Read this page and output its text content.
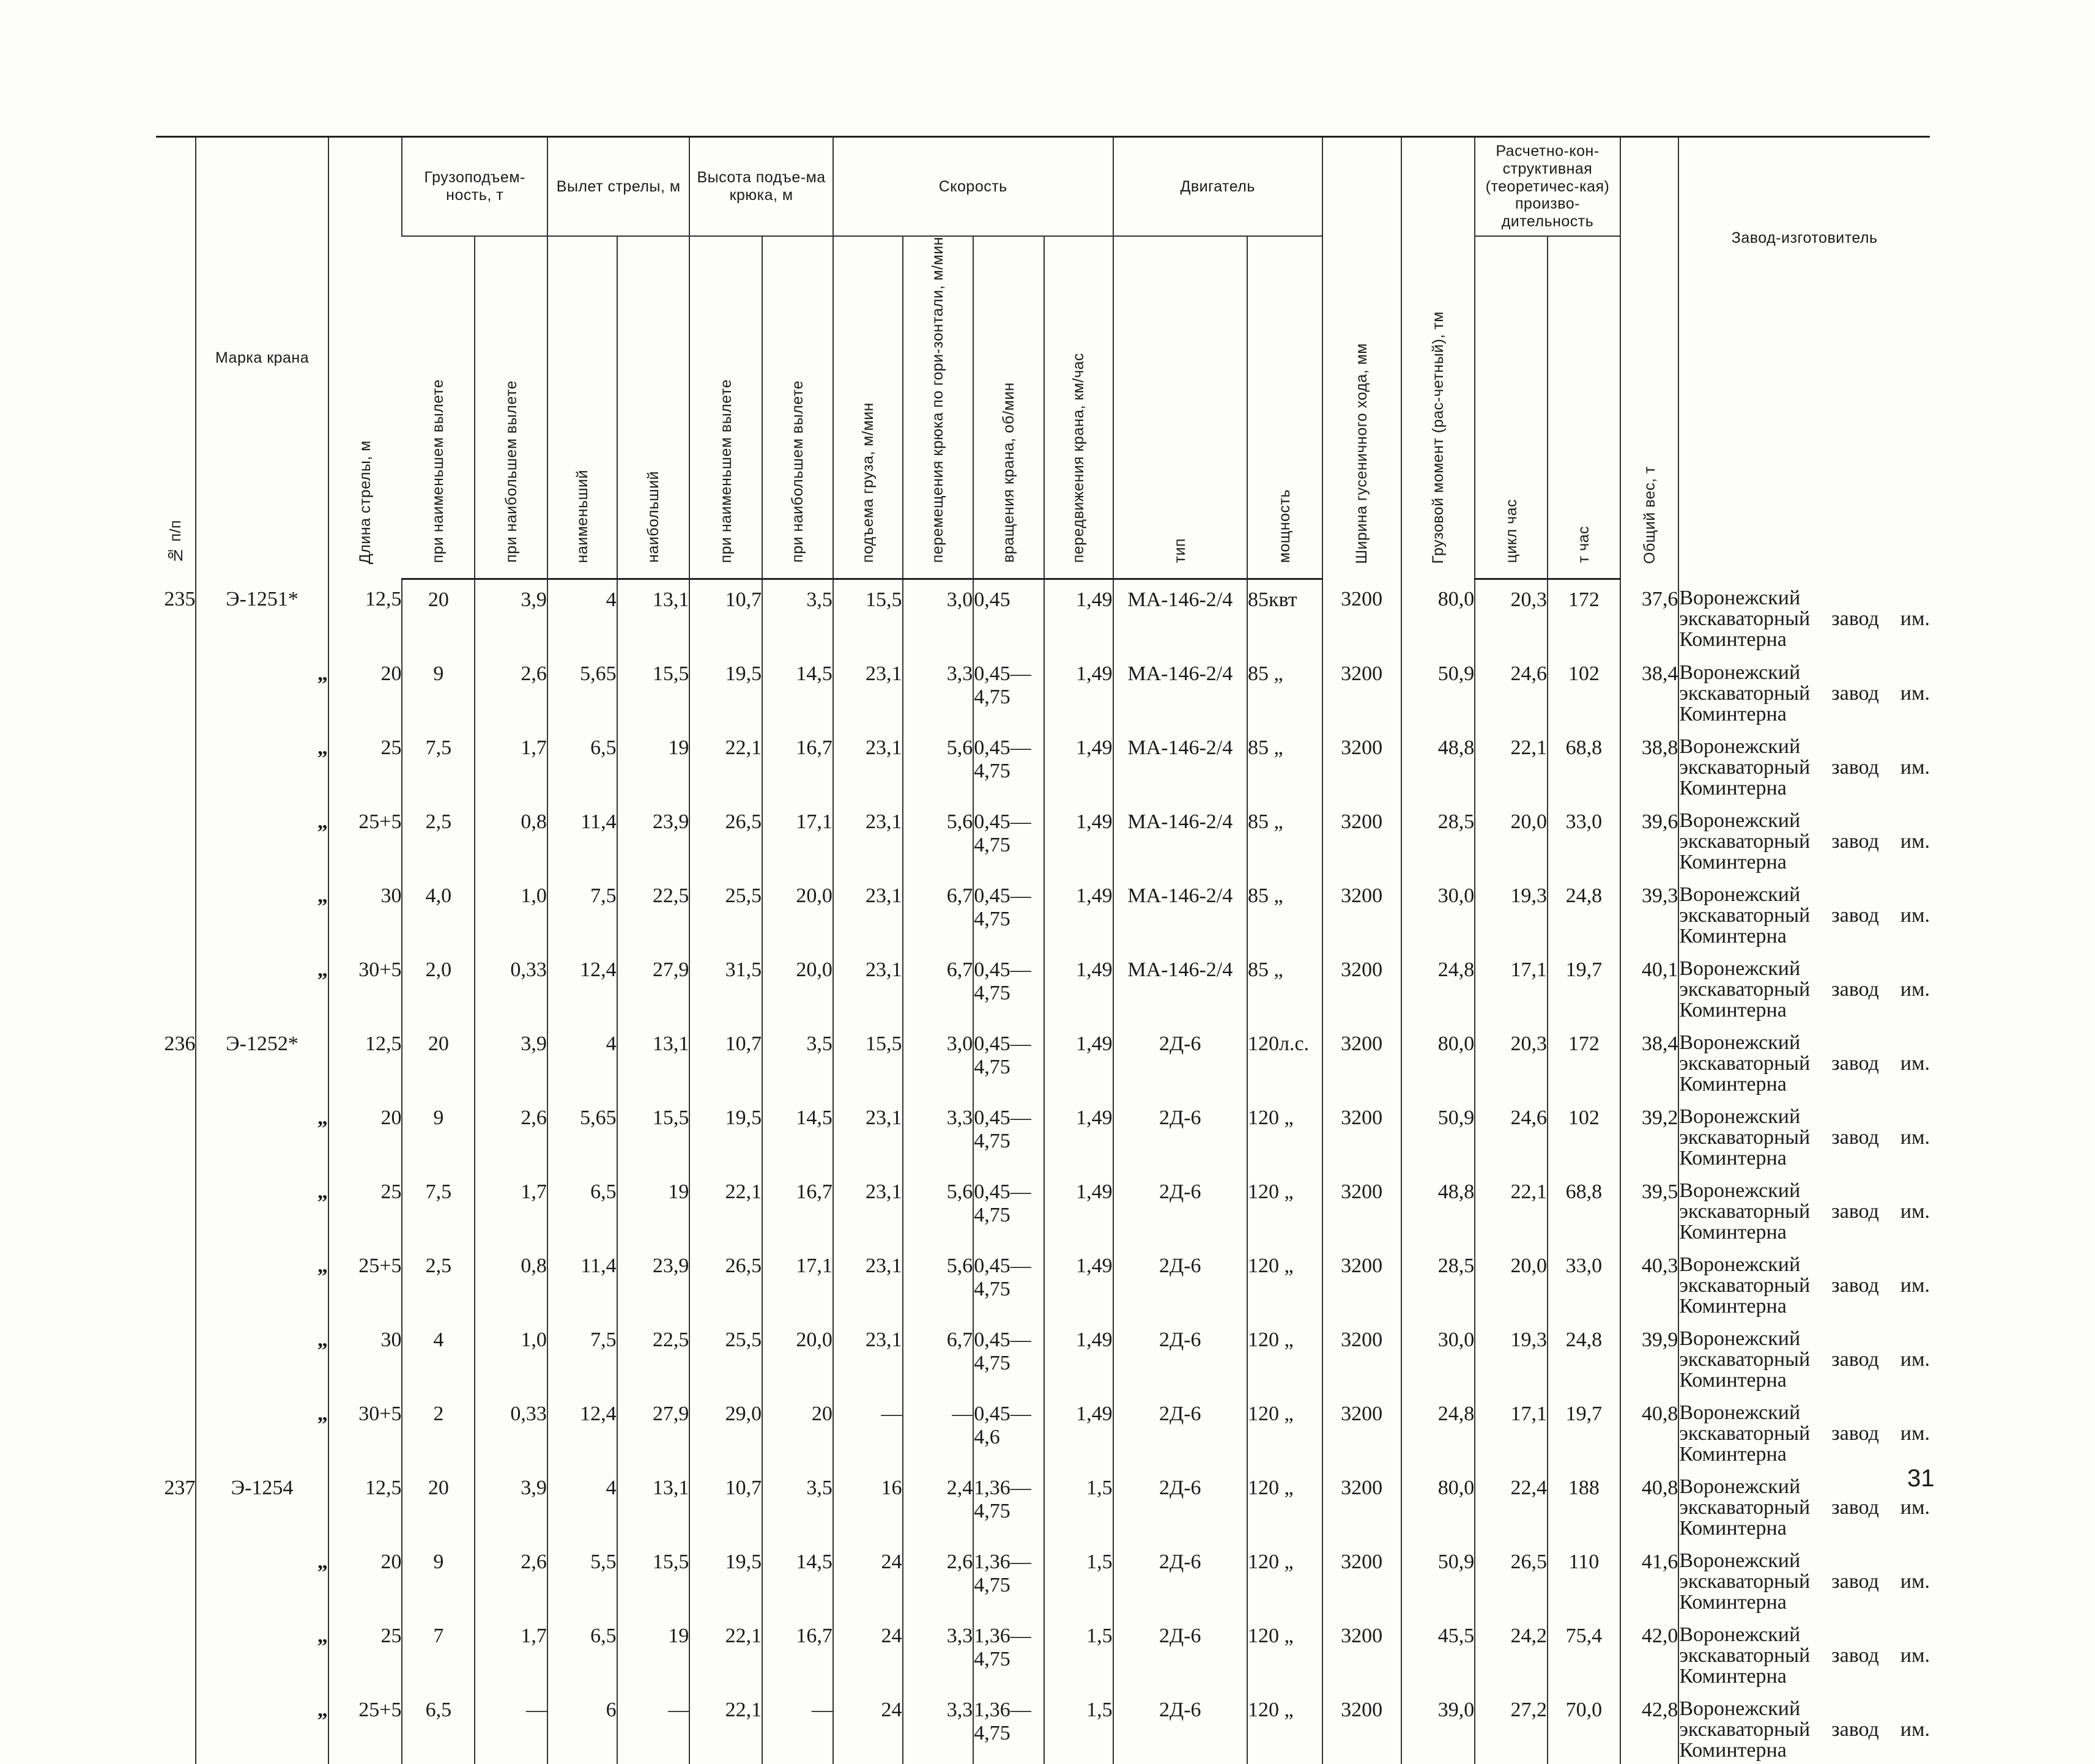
№ п/п	Марка крана	Длина стрелы, м	Грузоподъем-ность, т		Вылет стрелы, м		Высота подъе-ма крюка, м		Скорость				Двигатель		Ширина гусеничного хода, мм	Грузовой момент (рас-четный), тм	Расчетно-кон-структивная (теоретичес-кая) произво-дительность		Общий вес, т	Завод-изготовитель
			при наименьшем вылете	при наибольшем вылете	наименьший	наибольший	при наименьшем вылете	при наибольшем вылете	подъема груза, м/мин	перемещения крюка по гори-зонтали, м/мин	вращения крана, об/мин	передвижения крана, км/час	тип	мощность			цикл час	т час		
235	Э-1251*	12,5	20	3,9	4	13,1	10,7	3,5	15,5	3,0	0,45	1,49	МА-146-2/4	85квт	3200	80,0	20,3	172	37,6	Воронежский экскаваторный завод им. Коминтерна
	„	20	9	2,6	5,65	15,5	19,5	14,5	23,1	3,3	0,45— 4,75	1,49	МА-146-2/4	85 „	3200	50,9	24,6	102	38,4	Воронежский экскаваторный завод им. Коминтерна
	„	25	7,5	1,7	6,5	19	22,1	16,7	23,1	5,6	0,45— 4,75	1,49	МА-146-2/4	85 „	3200	48,8	22,1	68,8	38,8	Воронежский экскаваторный завод им. Коминтерна
	„	25+5	2,5	0,8	11,4	23,9	26,5	17,1	23,1	5,6	0,45— 4,75	1,49	МА-146-2/4	85 „	3200	28,5	20,0	33,0	39,6	Воронежский экскаваторный завод им. Коминтерна
	„	30	4,0	1,0	7,5	22,5	25,5	20,0	23,1	6,7	0,45— 4,75	1,49	МА-146-2/4	85 „	3200	30,0	19,3	24,8	39,3	Воронежский экскаваторный завод им. Коминтерна
	„	30+5	2,0	0,33	12,4	27,9	31,5	20,0	23,1	6,7	0,45— 4,75	1,49	МА-146-2/4	85 „	3200	24,8	17,1	19,7	40,1	Воронежский экскаваторный завод им. Коминтерна
236	Э-1252*	12,5	20	3,9	4	13,1	10,7	3,5	15,5	3,0	0,45— 4,75	1,49	2Д-6	120л.с.	3200	80,0	20,3	172	38,4	Воронежский экскаваторный завод им. Коминтерна
	„	20	9	2,6	5,65	15,5	19,5	14,5	23,1	3,3	0,45— 4,75	1,49	2Д-6	120 „	3200	50,9	24,6	102	39,2	Воронежский экскаваторный завод им. Коминтерна
	„	25	7,5	1,7	6,5	19	22,1	16,7	23,1	5,6	0,45— 4,75	1,49	2Д-6	120 „	3200	48,8	22,1	68,8	39,5	Воронежский экскаваторный завод им. Коминтерна
	„	25+5	2,5	0,8	11,4	23,9	26,5	17,1	23,1	5,6	0,45— 4,75	1,49	2Д-6	120 „	3200	28,5	20,0	33,0	40,3	Воронежский экскаваторный завод им. Коминтерна
	„	30	4	1,0	7,5	22,5	25,5	20,0	23,1	6,7	0,45— 4,75	1,49	2Д-6	120 „	3200	30,0	19,3	24,8	39,9	Воронежский экскаваторный завод им. Коминтерна
	„	30+5	2	0,33	12,4	27,9	29,0	20	—	—	0,45— 4,6	1,49	2Д-6	120 „	3200	24,8	17,1	19,7	40,8	Воронежский экскаваторный завод им. Коминтерна
237	Э-1254	12,5	20	3,9	4	13,1	10,7	3,5	16	2,4	1,36— 4,75	1,5	2Д-6	120 „	3200	80,0	22,4	188	40,8	Воронежский экскаваторный завод им. Коминтерна
	„	20	9	2,6	5,5	15,5	19,5	14,5	24	2,6	1,36— 4,75	1,5	2Д-6	120 „	3200	50,9	26,5	110	41,6	Воронежский экскаваторный завод им. Коминтерна
	„	25	7	1,7	6,5	19	22,1	16,7	24	3,3	1,36— 4,75	1,5	2Д-6	120 „	3200	45,5	24,2	75,4	42,0	Воронежский экскаваторный завод им. Коминтерна
	„	25+5	6,5	—	6	—	22,1	—	24	3,3	1,36— 4,75	1,5	2Д-6	120 „	3200	39,0	27,2	70,0	42,8	Воронежский экскаваторный завод им. Коминтерна
31
